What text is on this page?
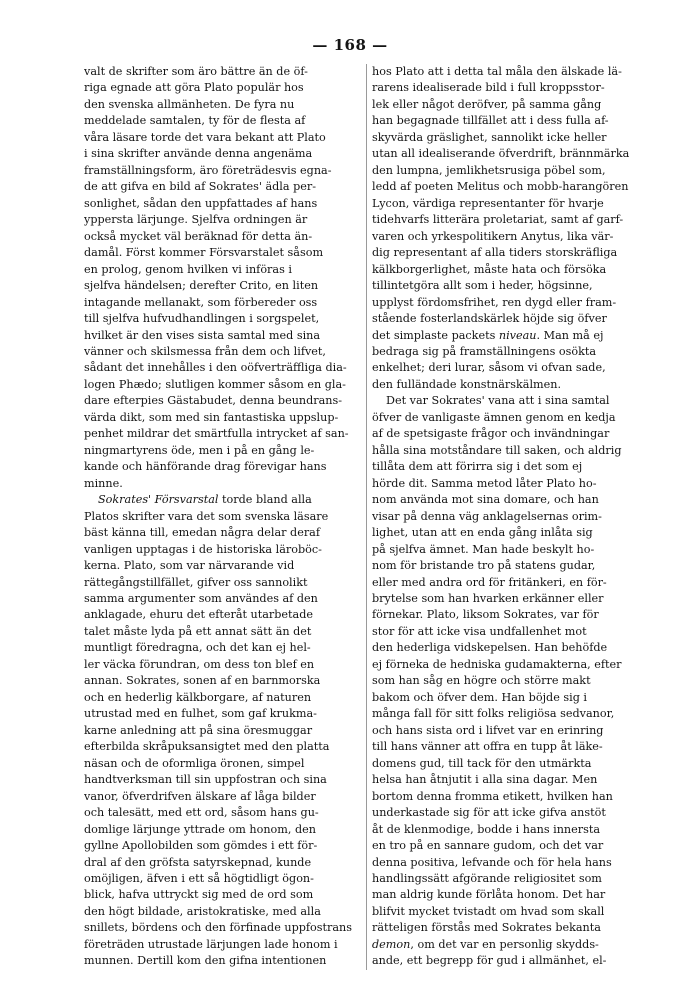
— 168 —
valt de skrifter som äro bättre än de öf-
riga egnade att göra Plato populär hos
den svenska allmänheten. De fyra nu
meddelade samtalen, ty för de flesta af
våra läsare torde det vara bekant att Plato
i sina skrifter använde denna angenäma
framställningsform, äro företrädesvis egna-
de att gifva en bild af Sokrates' ädla per-
sonlighet, sådan den uppfattades af hans
yppersta lärjunge. Sjelfva ordningen är
också mycket väl beräknad för detta än-
damål. Först kommer Försvarstalet såsom
en prolog, genom hvilken vi införas i
sjelfva händelsen; derefter Crito, en liten
intagande mellanakt, som förbereder oss
till sjelfva hufvudhandlingen i sorgspelet,
hvilket är den vises sista samtal med sina
vänner och skilsmessa från dem och lifvet,
sådant det innehålles i den oöfverträffliga dia-
logen Phædo; slutligen kommer såsom en gla-
dare efterpies Gästabudet, denna beundrans-
värda dikt, som med sin fantastiska uppslup-
penhet mildrar det smärtfulla intrycket af san-
ningmartyrens öde, men i på en gång le-
kande och hänförande drag förevigar hans
minne.
Sokrates' Försvarstal torde bland alla
Platos skrifter vara det som svenska läsare
bäst känna till, emedan några delar deraf
vanligen upptagas i de historiska läroböc-
kerna. Plato, som var närvarande vid
rättegångstillfället, gifver oss sannolikt
samma argumenter som användes af den
anklagade, ehuru det efteråt utarbetade
talet måste lyda på ett annat sätt än det
muntligt föredragna, och det kan ej hel-
ler väcka förundran, om dess ton blef en
annan. Sokrates, sonen af en barnmorska
och en hederlig kälkborgare, af naturen
utrustad med en fulhet, som gaf krukma-
karne anledning att på sina öresmuggar
efterbilda skråpuksansigtet med den platta
näsan och de oformliga öronen, simpel
handtverksman till sin uppfostran och sina
vanor, öfverdrifven älskare af låga bilder
och talesätt, med ett ord, såsom hans gu-
domlige lärjunge yttrade om honom, den
gyllne Apollobilden som gömdes i ett för-
dral af den gröfsta satyrskepnad, kunde
omöjligen, äfven i ett så högtidligt ögon-
blick, hafva uttryckt sig med de ord som
den högt bildade, aristokratiske, med alla
snillets, bördens och den förfinade uppfostrans
företräden utrustade lärjungen lade honom i
munnen. Dertill kom den gifna intentionen
hos Plato att i detta tal måla den älskade lä-
rarens idealiserade bild i full kroppsstor-
lek eller något deröfver, på samma gång
han begagnade tillfället att i dess fulla af-
skyvärda gräslighet, sannolikt icke heller
utan all idealiserande öfverdrift, brännmärka
den lumpna, jemlikhetsrusiga pöbel som,
ledd af poeten Melitus och mobb-harangören
Lycon, värdiga representanter för hvarje
tidehvarfs litterära proletariat, samt af garf-
varen och yrkespolitikern Anytus, lika vär-
dig representant af alla tiders storskräfliga
kälkborgerlighet, måste hata och försöka
tillintetgöra allt som i heder, högsinne,
upplyst fördomsfrihet, ren dygd eller fram-
stående fosterlandskärlek höjde sig öfver
det simplaste packets niveau. Man må ej
bedraga sig på framställningens osökta
enkelhet; deri lurar, såsom vi ofvan sade,
den fulländade konstnärskälmen.
Det var Sokrates' vana att i sina samtal
öfver de vanligaste ämnen genom en kedja
af de spetsigaste frågor och invändningar
hålla sina motståndare till saken, och aldrig
tillåta dem att förirra sig i det som ej
hörde dit. Samma metod låter Plato ho-
nom använda mot sina domare, och han
visar på denna väg anklagelsernas orim-
lighet, utan att en enda gång inlåta sig
på sjelfva ämnet. Man hade beskylt ho-
nom för bristande tro på statens gudar,
eller med andra ord för fritänkeri, en för-
brytelse som han hvarken erkänner eller
förnekar. Plato, liksom Sokrates, var för
stor för att icke visa undfallenhet mot
den hederliga vidskepelsen. Han behöfde
ej förneka de hedniska gudamakterna, efter
som han såg en högre och större makt
bakom och öfver dem. Han böjde sig i
många fall för sitt folks religiösa sedvanor,
och hans sista ord i lifvet var en erinring
till hans vänner att offra en tupp åt läke-
domens gud, till tack för den utmärkta
helsa han åtnjutit i alla sina dagar. Men
bortom denna fromma etikett, hvilken han
underkastade sig för att icke gifva anstöt
åt de klenmodige, bodde i hans innersta
en tro på en sannare gudom, och det var
denna positiva, lefvande och för hela hans
handlingssätt afgörande religiositet som
man aldrig kunde förlåta honom. Det har
blifvit mycket tvistadt om hvad som skall
rätteligen förstås med Sokrates bekanta
demon, om det var en personlig skydds-
ande, ett begrepp för gud i allmänhet, el-
